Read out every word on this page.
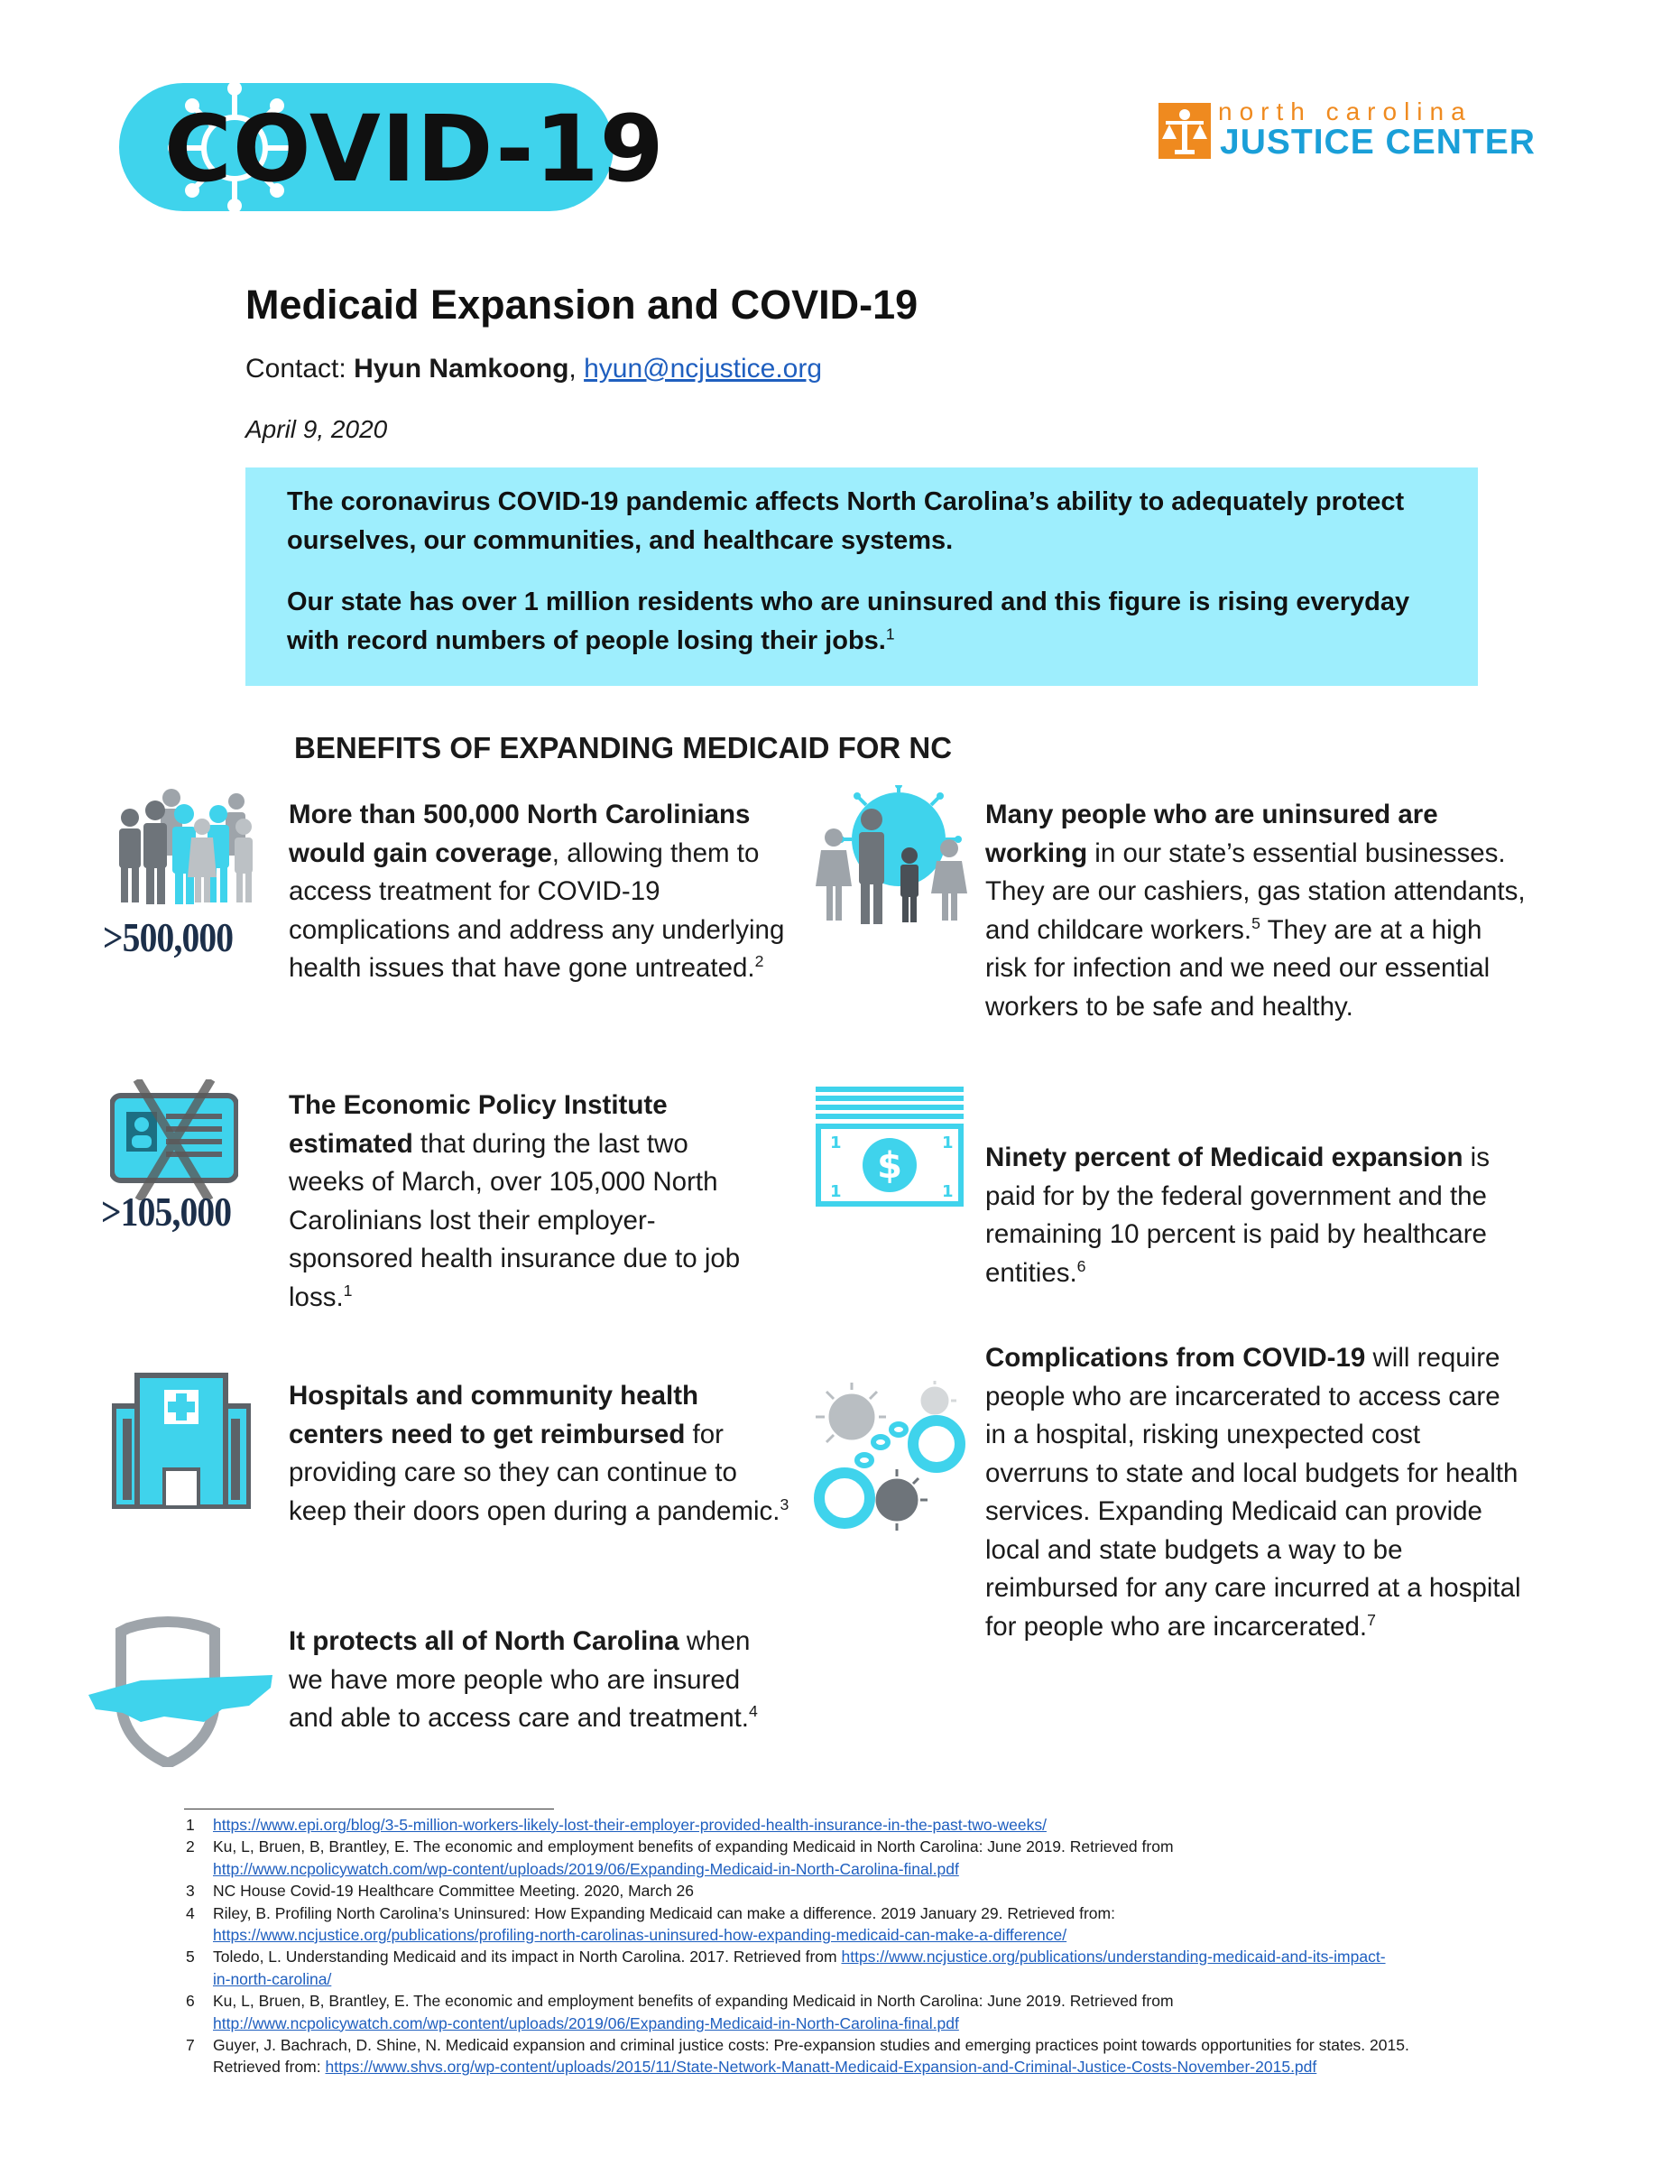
COVID-19	north carolina
JUSTICE CENTER
Medicaid Expansion and COVID-19
Contact: Hyun Namkoong, hyun@ncjustice.org
April 9, 2020
The coronavirus COVID-19 pandemic affects North Carolina’s ability to adequately protect ourselves, our communities, and healthcare systems.
Our state has over 1 million residents who are uninsured and this figure is rising everyday with record numbers of people losing their jobs.$^1$
BENEFITS OF EXPANDING MEDICAID FOR NC
>500,000
More than 500,000 North Carolinians would gain coverage, allowing them to access treatment for COVID-19 complications and address any underlying health issues that have gone untreated.$^2$
>105,000
The Economic Policy Institute estimated that during the last two weeks of March, over 105,000 North Carolinians lost their employer-sponsored health insurance due to job loss.$^1$
Hospitals and community health centers need to get reimbursed for providing care so they can continue to keep their doors open during a pandemic.$^3$
It protects all of North Carolina when we have more people who are insured and able to access care and treatment.$^4$
Many people who are uninsured are working in our state’s essential businesses. They are our cashiers, gas station attendants, and childcare workers.$^5$ They are at a high risk for infection and we need our essential workers to be safe and healthy.
$
1	1
1	1
Ninety percent of Medicaid expansion is paid for by the federal government and the remaining 10 percent is paid by healthcare entities.$^6$
Complications from COVID-19 will require people who are incarcerated to access care in a hospital, risking unexpected cost overruns to state and local budgets for health services. Expanding Medicaid can provide local and state budgets a way to be reimbursed for any care incurred at a hospital for people who are incarcerated.$^7$
1 https://www.epi.org/blog/3-5-million-workers-likely-lost-their-employer-provided-health-insurance-in-the-past-two-weeks/
2 Ku, L, Bruen, B, Brantley, E. The economic and employment benefits of expanding Medicaid in North Carolina: June 2019. Retrieved from
http://www.ncpolicywatch.com/wp-content/uploads/2019/06/Expanding-Medicaid-in-North-Carolina-final.pdf
3 NC House Covid-19 Healthcare Committee Meeting. 2020, March 26
4 Riley, B. Profiling North Carolina’s Uninsured: How Expanding Medicaid can make a difference. 2019 January 29. Retrieved from:
https://www.ncjustice.org/publications/profiling-north-carolinas-uninsured-how-expanding-medicaid-can-make-a-difference/
5 Toledo, L. Understanding Medicaid and its impact in North Carolina. 2017. Retrieved from https://www.ncjustice.org/publications/understanding-medicaid-and-its-impact-
in-north-carolina/
6 Ku, L, Bruen, B, Brantley, E. The economic and employment benefits of expanding Medicaid in North Carolina: June 2019. Retrieved from
http://www.ncpolicywatch.com/wp-content/uploads/2019/06/Expanding-Medicaid-in-North-Carolina-final.pdf
7 Guyer, J. Bachrach, D. Shine, N. Medicaid expansion and criminal justice costs: Pre-expansion studies and emerging practices point towards opportunities for states. 2015.
Retrieved from: https://www.shvs.org/wp-content/uploads/2015/11/State-Network-Manatt-Medicaid-Expansion-and-Criminal-Justice-Costs-November-2015.pdf
